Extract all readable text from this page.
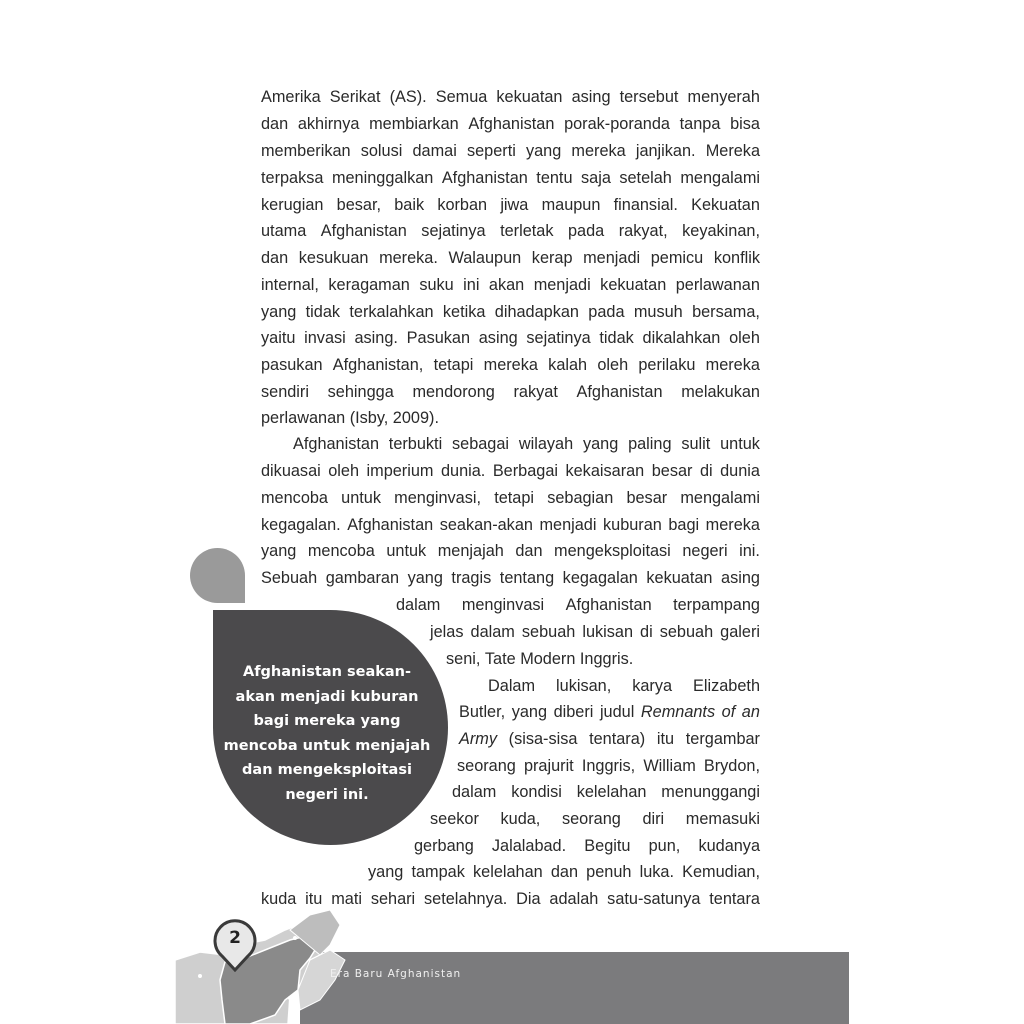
Afghanistan seakan-
akan menjadi kuburan
bagi mereka yang
mencoba untuk menjajah
dan mengeksploitasi
negeri ini.
Amerika Serikat (AS). Semua kekuatan asing tersebut menyerah
dan akhirnya membiarkan Afghanistan porak-poranda tanpa bisa
memberikan solusi damai seperti yang mereka janjikan. Mereka
terpaksa meninggalkan Afghanistan tentu saja setelah mengalami
kerugian besar, baik korban jiwa maupun finansial. Kekuatan
utama Afghanistan sejatinya terletak pada rakyat, keyakinan,
dan kesukuan mereka. Walaupun kerap menjadi pemicu konflik
internal, keragaman suku ini akan menjadi kekuatan perlawanan
yang tidak terkalahkan ketika dihadapkan pada musuh bersama,
yaitu invasi asing. Pasukan asing sejatinya tidak dikalahkan oleh
pasukan Afghanistan, tetapi mereka kalah oleh perilaku mereka
sendiri sehingga mendorong rakyat Afghanistan melakukan
perlawanan (Isby, 2009).
Afghanistan terbukti sebagai wilayah yang paling sulit untuk
dikuasai oleh imperium dunia. Berbagai kekaisaran besar di dunia
mencoba untuk menginvasi, tetapi sebagian besar mengalami
kegagalan. Afghanistan seakan-akan menjadi kuburan bagi mereka
yang mencoba untuk menjajah dan mengeksploitasi negeri ini.
Sebuah gambaran yang tragis tentang kegagalan kekuatan asing
dalam menginvasi Afghanistan terpampang
jelas dalam sebuah lukisan di sebuah galeri
seni, Tate Modern Inggris.
Dalam lukisan, karya Elizabeth
Butler, yang diberi judul Remnants of an
Army (sisa-sisa tentara) itu tergambar
seorang prajurit Inggris, William Brydon,
dalam kondisi kelelahan menunggangi
seekor kuda, seorang diri memasuki
gerbang Jalalabad. Begitu pun, kudanya
yang tampak kelelahan dan penuh luka. Kemudian,
kuda itu mati sehari setelahnya. Dia adalah satu-satunya tentara
2
Era Baru Afghanistan
